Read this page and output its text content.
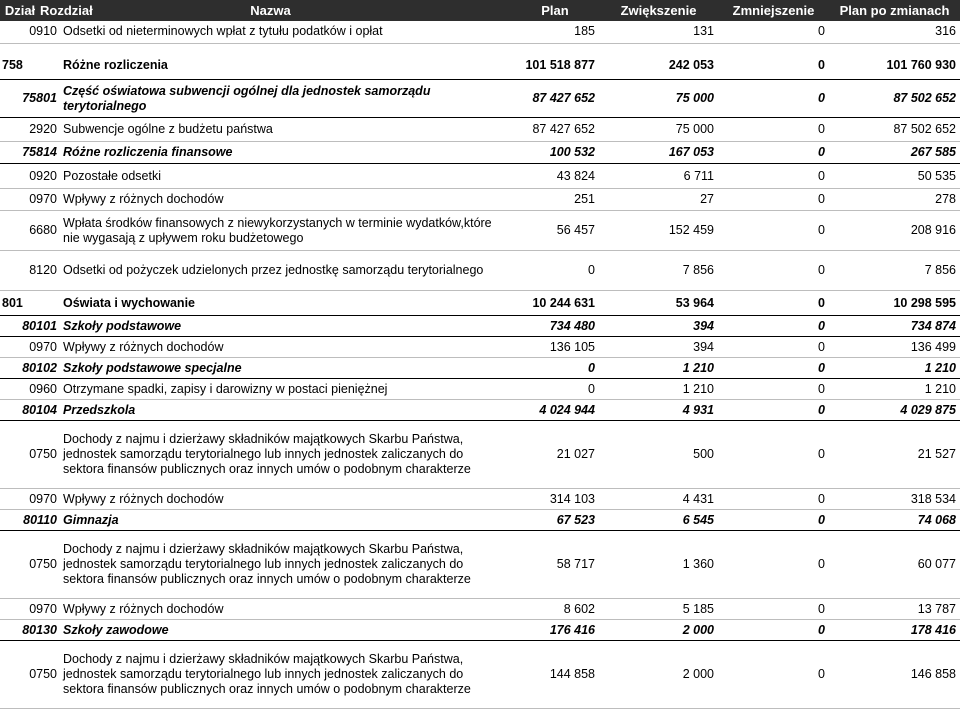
Dział Rozdział Nazwa		Plan	Zwiększenie	Zmniejszenie	Plan po zmianach
0910	Odsetki od nieterminowych wpłat z tytułu podatków i opłat	185	131	0	316

758	Różne rozliczenia	101 518 877	242 053	0	101 760 930
75801	Część oświatowa subwencji ogólnej dla jednostek samorządu terytorialnego	87 427 652	75 000	0	87 502 652
2920	Subwencje ogólne z budżetu państwa	87 427 652	75 000	0	87 502 652
75814	Różne rozliczenia finansowe	100 532	167 053	0	267 585
0920	Pozostałe odsetki	43 824	6 711	0	50 535
0970	Wpływy z różnych dochodów	251	27	0	278
6680	Wpłata środków finansowych z niewykorzystanych w terminie wydatków,które nie wygasają z upływem roku budżetowego	56 457	152 459	0	208 916
8120	Odsetki od pożyczek udzielonych przez jednostkę samorządu terytorialnego	0	7 856	0	7 856
801	Oświata i wychowanie	10 244 631	53 964	0	10 298 595
80101	Szkoły podstawowe	734 480	394	0	734 874
0970	Wpływy z różnych dochodów	136 105	394	0	136 499
80102	Szkoły podstawowe specjalne	0	1 210	0	1 210
0960	Otrzymane spadki, zapisy i darowizny w postaci pieniężnej	0	1 210	0	1 210
80104	Przedszkola	4 024 944	4 931	0	4 029 875
0750	Dochody z najmu i dzierżawy składników majątkowych Skarbu Państwa, jednostek samorządu terytorialnego lub innych jednostek zaliczanych do sektora finansów publicznych oraz innych umów o podobnym charakterze	21 027	500	0	21 527
0970	Wpływy z różnych dochodów	314 103	4 431	0	318 534
80110	Gimnazja	67 523	6 545	0	74 068
0750	Dochody z najmu i dzierżawy składników majątkowych Skarbu Państwa, jednostek samorządu terytorialnego lub innych jednostek zaliczanych do sektora finansów publicznych oraz innych umów o podobnym charakterze	58 717	1 360	0	60 077
0970	Wpływy z różnych dochodów	8 602	5 185	0	13 787
80130	Szkoły zawodowe	176 416	2 000	0	178 416
0750	Dochody z najmu i dzierżawy składników majątkowych Skarbu Państwa, jednostek samorządu terytorialnego lub innych jednostek zaliczanych do sektora finansów publicznych oraz innych umów o podobnym charakterze	144 858	2 000	0	146 858
